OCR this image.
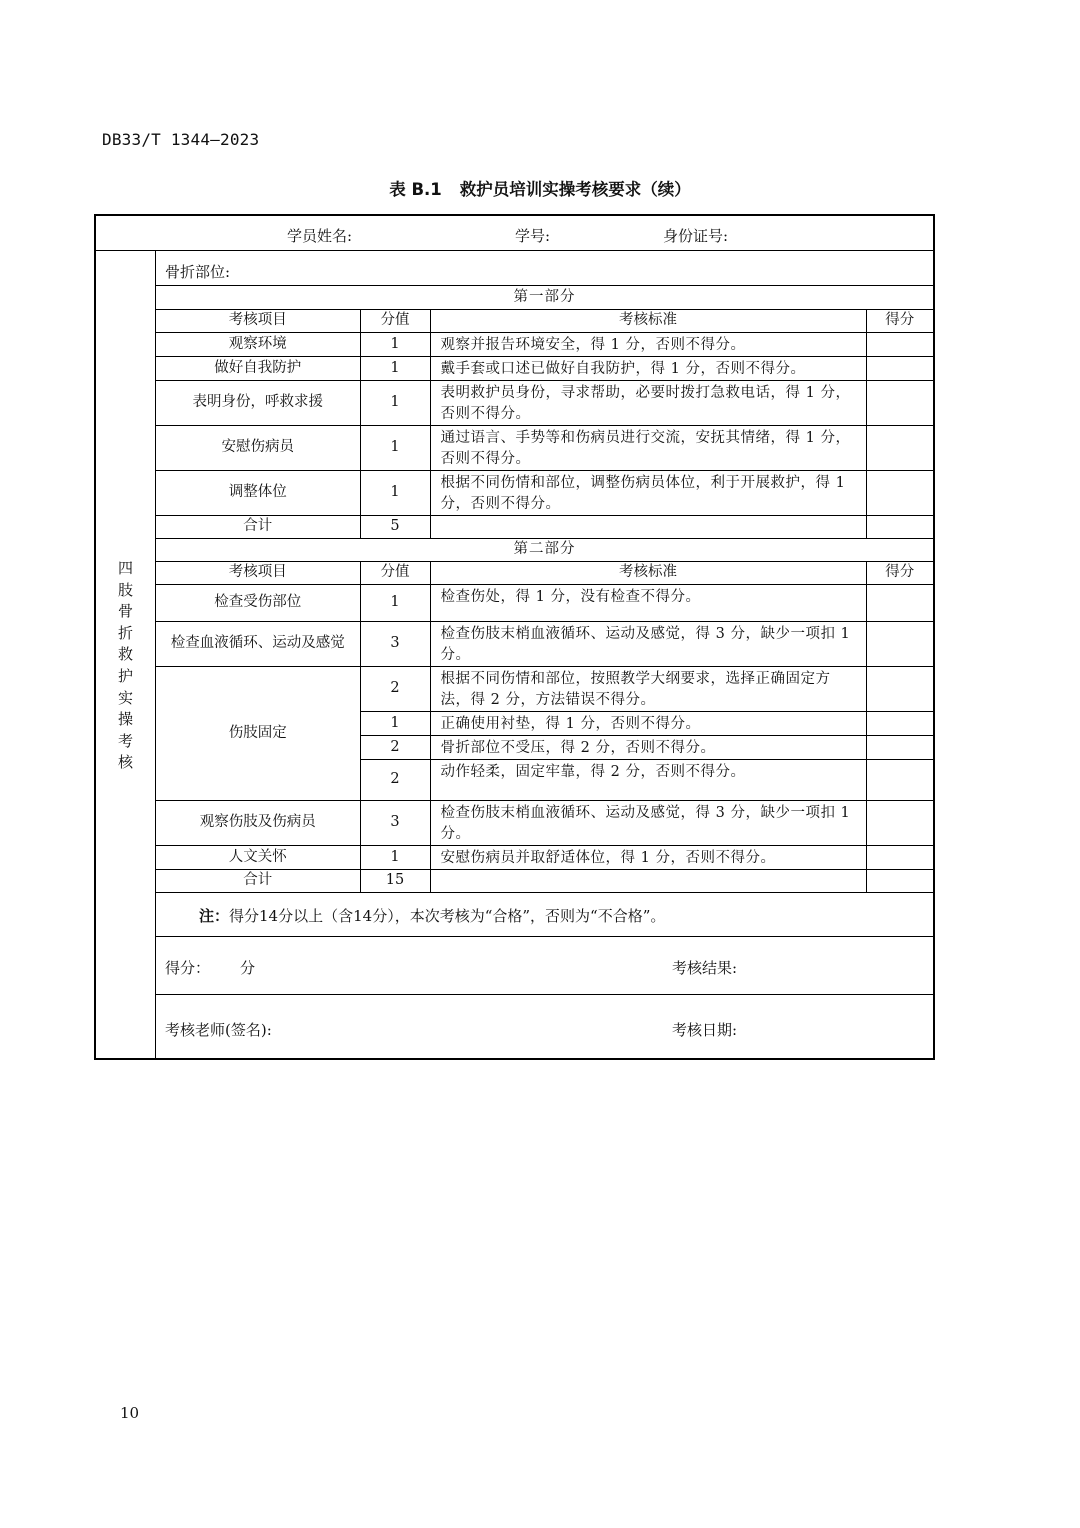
DB33/T 1344—2023
表 B.1 救护员培训实操考核要求（续）
学员姓名:	学号:	身份证号:
四肢骨折救护实操考核
骨折部位:
第一部分			
考核项目	分值	考核标准	得分
观察环境	1	观察并报告环境安全，得 1 分，否则不得分。	
做好自我防护	1	戴手套或口述已做好自我防护，得 1 分，否则不得分。	
表明身份，呼救求援	1	表明救护员身份，寻求帮助，必要时拨打急救电话，得 1 分，否则不得分。	
安慰伤病员	1	通过语言、手势等和伤病员进行交流，安抚其情绪，得 1 分，否则不得分。	
调整体位	1	根据不同伤情和部位，调整伤病员体位，利于开展救护，得 1 分，否则不得分。	
合计	5		
第二部分			
考核项目	分值	考核标准	得分
检查受伤部位	1	检查伤处，得 1 分，没有检查不得分。	
检查血液循环、运动及感觉	3	检查伤肢末梢血液循环、运动及感觉，得 3 分，缺少一项扣 1 分。	
伤肢固定	2	根据不同伤情和部位，按照教学大纲要求，选择正确固定方法，得 2 分，方法错误不得分。	
	1	正确使用衬垫，得 1 分，否则不得分。	
	2	骨折部位不受压，得 2 分，否则不得分。	
	2	动作轻柔，固定牢靠，得 2 分，否则不得分。	
观察伤肢及伤病员	3	检查伤肢末梢血液循环、运动及感觉，得 3 分，缺少一项扣 1 分。	
人文关怀	1	安慰伤病员并取舒适体位，得 1 分，否则不得分。	
合计	15		
注：得分14分以上（含14分），本次考核为“合格”，否则为“不合格”。
得分： 分	考核结果:
考核老师(签名):	考核日期:
10
